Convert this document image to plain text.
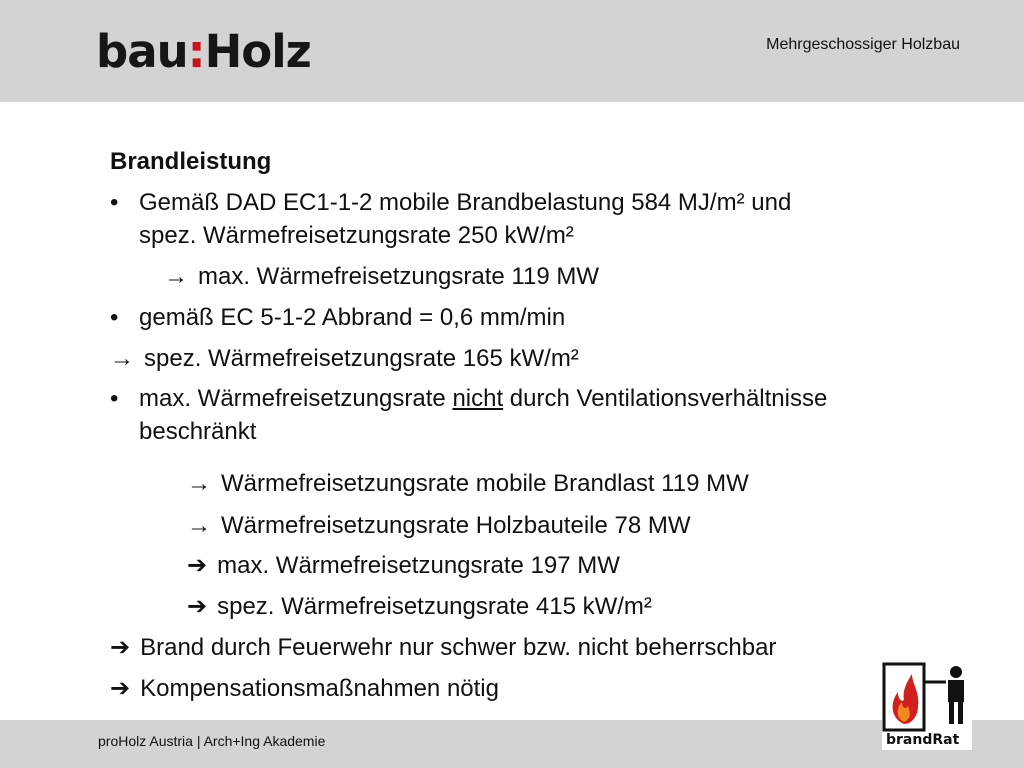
bau:Holz	Mehrgeschossiger Holzbau
Brandleistung
• Gemäß DAD EC1-1-2 mobile Brandbelastung 584 MJ/m² und
spez. Wärmefreisetzungsrate 250 kW/m²
→ max. Wärmefreisetzungsrate 119 MW
• gemäß EC 5-1-2 Abbrand = 0,6 mm/min
→ spez. Wärmefreisetzungsrate 165 kW/m²
• max. Wärmefreisetzungsrate nicht durch Ventilationsverhältnisse
beschränkt
→ Wärmefreisetzungsrate mobile Brandlast 119 MW
→ Wärmefreisetzungsrate Holzbauteile 78 MW
➔ max. Wärmefreisetzungsrate 197 MW
➔ spez. Wärmefreisetzungsrate 415 kW/m²
➔ Brand durch Feuerwehr nur schwer bzw. nicht beherrschbar
➔ Kompensationsmaßnahmen nötig
proHolz Austria | Arch+Ing Akademie	brandRat
